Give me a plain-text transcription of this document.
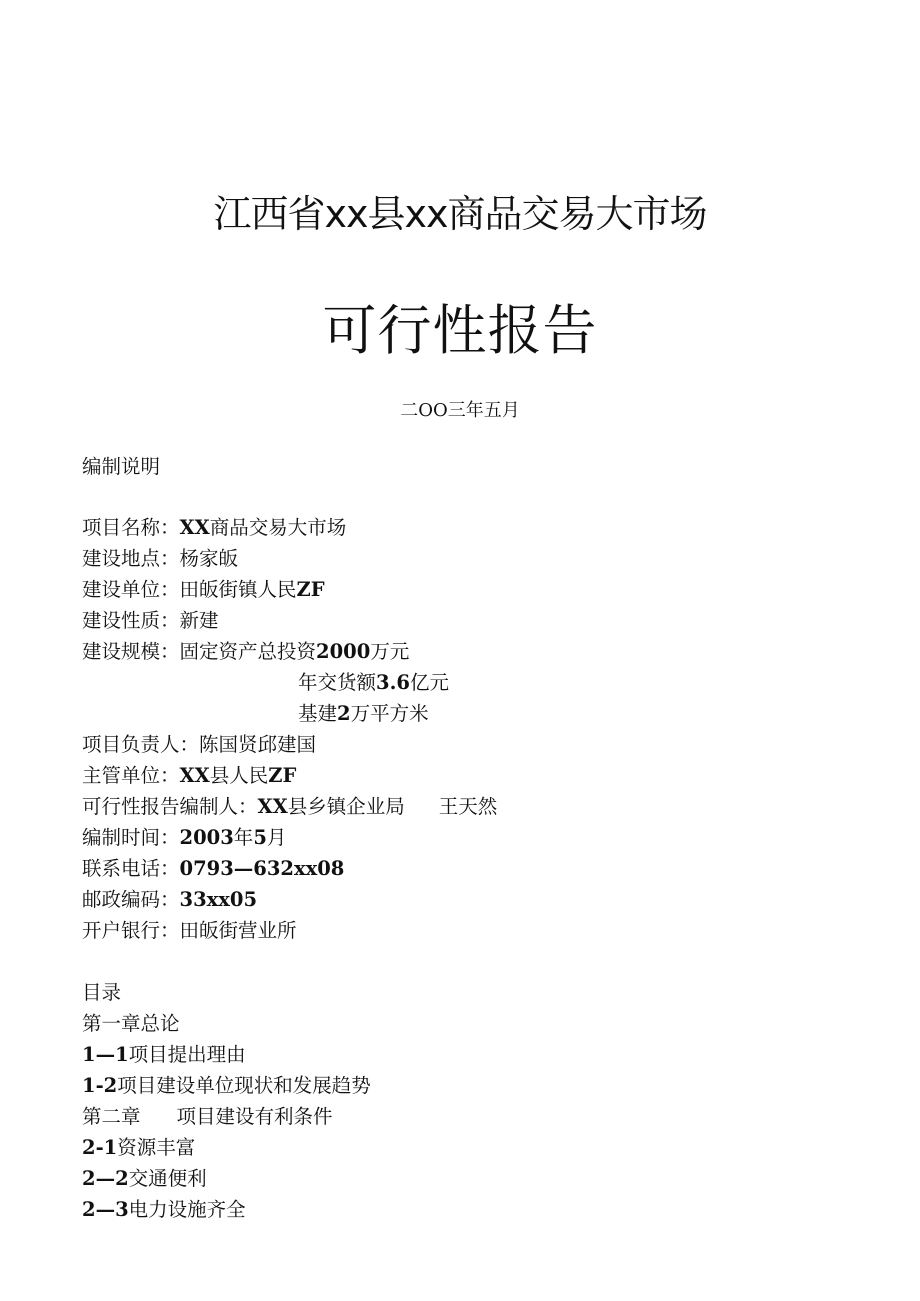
江西省xx县xx商品交易大市场
可行性报告
二OO三年五月
编制说明
项目名称：XX商品交易大市场
建设地点：杨家皈
建设单位：田皈街镇人民ZF
建设性质：新建
建设规模：固定资产总投资2000万元
年交货额3.6亿元
基建2万平方米
项目负责人：陈国贤邱建国
主管单位：XX县人民ZF
可行性报告编制人：XX县乡镇企业局 王天然
编制时间：2003年5月
联系电话：0793—632xx08
邮政编码：33xx05
开户银行：田皈街营业所
目录
第一章总论
1—1项目提出理由
1-2项目建设单位现状和发展趋势
第二章 项目建设有利条件
2-1资源丰富
2—2交通便利
2—3电力设施齐全
